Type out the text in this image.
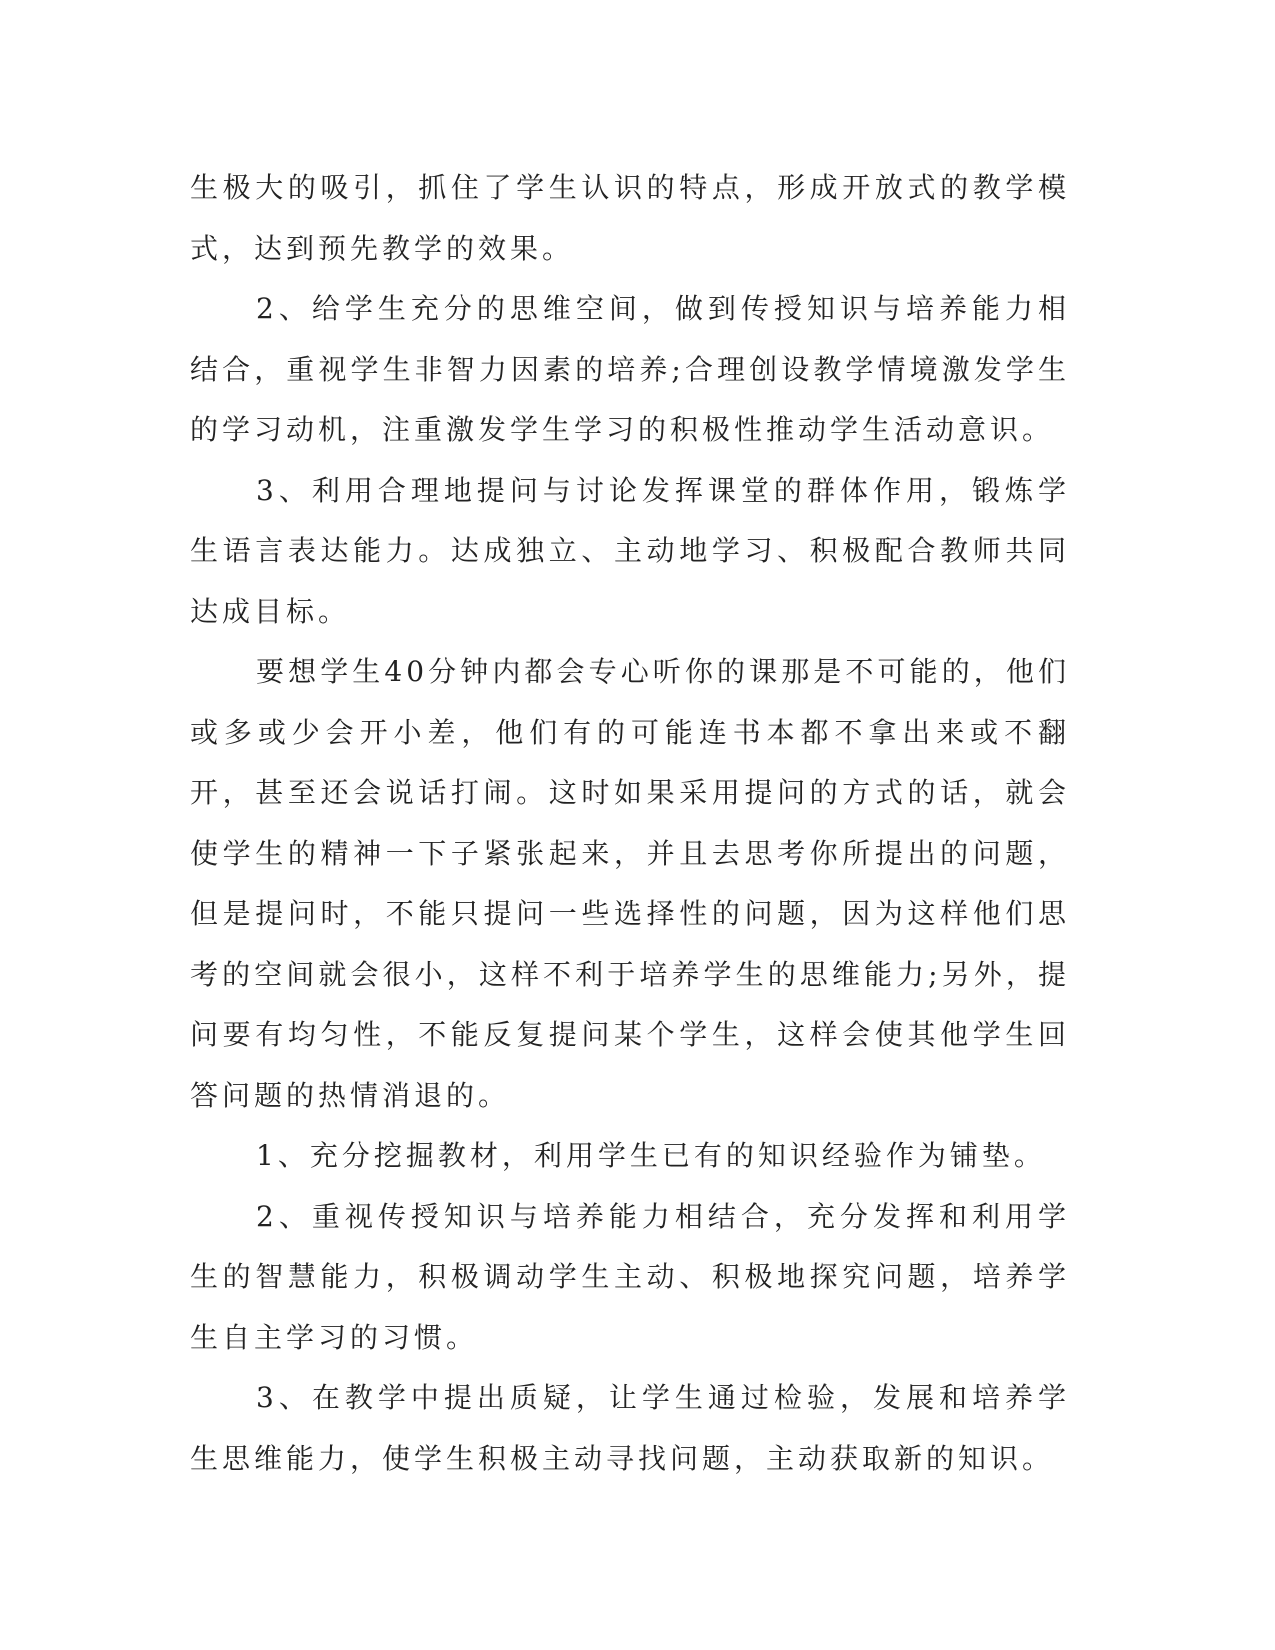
生极大的吸引，抓住了学生认识的特点，形成开放式的教学模式，达到预先教学的效果。

2、给学生充分的思维空间，做到传授知识与培养能力相结合，重视学生非智力因素的培养;合理创设教学情境激发学生的学习动机，注重激发学生学习的积极性推动学生活动意识。

3、利用合理地提问与讨论发挥课堂的群体作用，锻炼学生语言表达能力。达成独立、主动地学习、积极配合教师共同达成目标。

要想学生40分钟内都会专心听你的课那是不可能的，他们或多或少会开小差，他们有的可能连书本都不拿出来或不翻开，甚至还会说话打闹。这时如果采用提问的方式的话，就会使学生的精神一下子紧张起来，并且去思考你所提出的问题，但是提问时，不能只提问一些选择性的问题，因为这样他们思考的空间就会很小，这样不利于培养学生的思维能力;另外，提问要有均匀性，不能反复提问某个学生，这样会使其他学生回答问题的热情消退的。

1、充分挖掘教材，利用学生已有的知识经验作为铺垫。

2、重视传授知识与培养能力相结合，充分发挥和利用学生的智慧能力，积极调动学生主动、积极地探究问题，培养学生自主学习的习惯。

3、在教学中提出质疑，让学生通过检验，发展和培养学生思维能力，使学生积极主动寻找问题，主动获取新的知识。
